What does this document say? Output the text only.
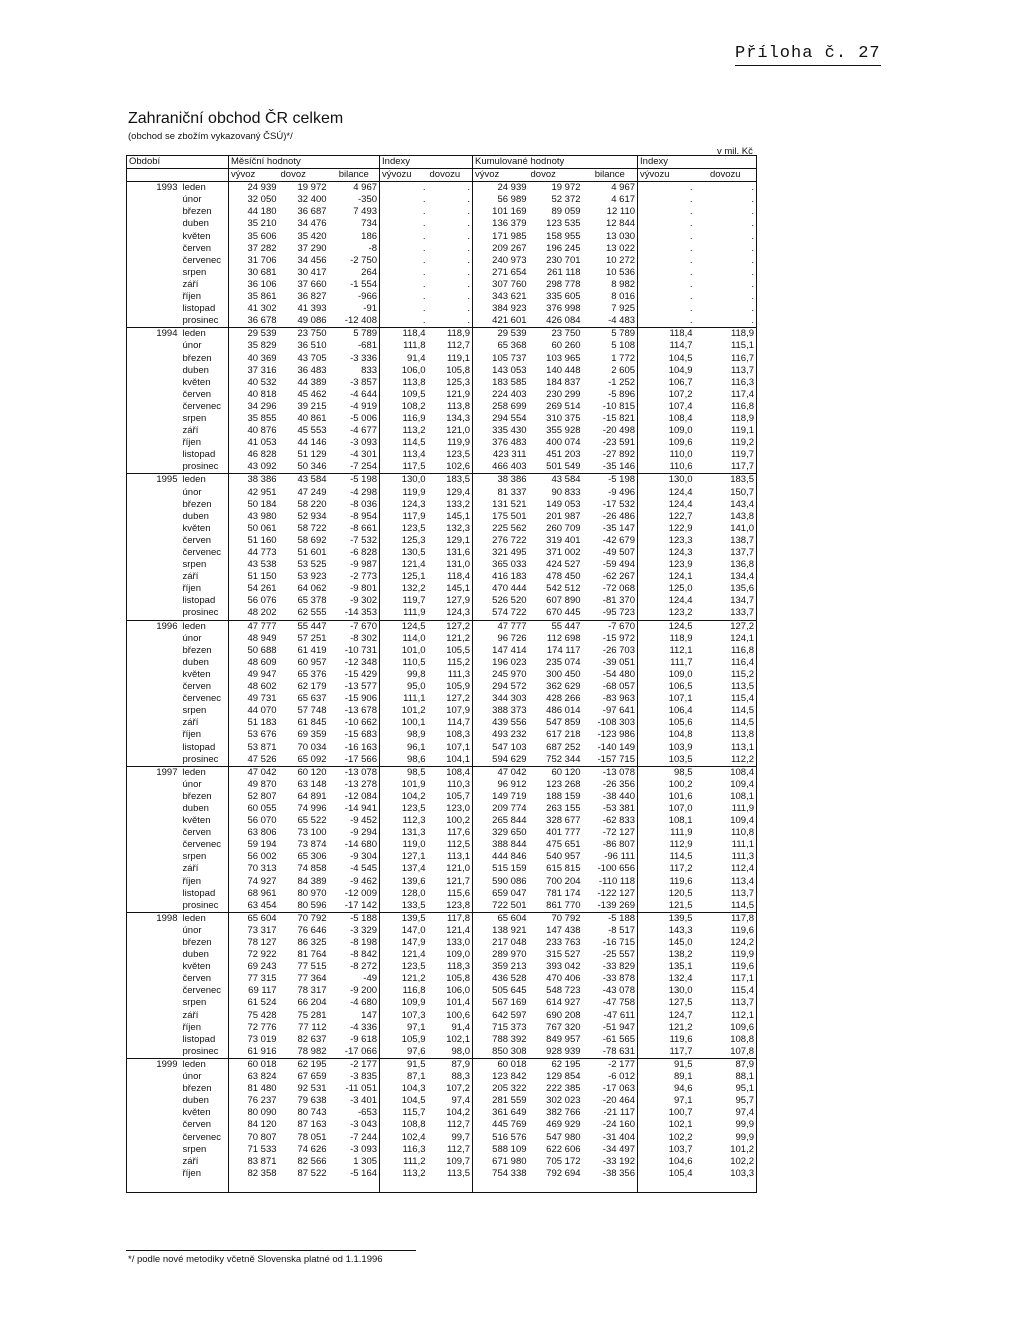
Příloha č. 27
Zahraniční obchod ČR celkem
(obchod se zbožím vykazovaný ČSÚ)*/
v mil. Kč
Období		Měsíční hodnoty			Indexy		Kumulované hodnoty			Indexy	
		vývoz	dovoz	bilance	vývozu	dovozu	vývoz	dovoz	bilance	vývozu	dovozu
1993	leden	24 939	19 972	4 967	.	.	24 939	19 972	4 967	.	.
	únor	32 050	32 400	-350	.	.	56 989	52 372	4 617	.	.
	březen	44 180	36 687	7 493	.	.	101 169	89 059	12 110	.	.
	duben	35 210	34 476	734	.	.	136 379	123 535	12 844	.	.
	květen	35 606	35 420	186	.	.	171 985	158 955	13 030	.	.
	červen	37 282	37 290	-8	.	.	209 267	196 245	13 022	.	.
	červenec	31 706	34 456	-2 750	.	.	240 973	230 701	10 272	.	.
	srpen	30 681	30 417	264	.	.	271 654	261 118	10 536	.	.
	září	36 106	37 660	-1 554	.	.	307 760	298 778	8 982	.	.
	říjen	35 861	36 827	-966	.	.	343 621	335 605	8 016	.	.
	listopad	41 302	41 393	-91	.	.	384 923	376 998	7 925	.	.
	prosinec	36 678	49 086	-12 408	.	.	421 601	426 084	-4 483	.	.
1994	leden	29 539	23 750	5 789	118,4	118,9	29 539	23 750	5 789	118,4	118,9
	únor	35 829	36 510	-681	111,8	112,7	65 368	60 260	5 108	114,7	115,1
	březen	40 369	43 705	-3 336	91,4	119,1	105 737	103 965	1 772	104,5	116,7
	duben	37 316	36 483	833	106,0	105,8	143 053	140 448	2 605	104,9	113,7
	květen	40 532	44 389	-3 857	113,8	125,3	183 585	184 837	-1 252	106,7	116,3
	červen	40 818	45 462	-4 644	109,5	121,9	224 403	230 299	-5 896	107,2	117,4
	červenec	34 296	39 215	-4 919	108,2	113,8	258 699	269 514	-10 815	107,4	116,8
	srpen	35 855	40 861	-5 006	116,9	134,3	294 554	310 375	-15 821	108,4	118,9
	září	40 876	45 553	-4 677	113,2	121,0	335 430	355 928	-20 498	109,0	119,1
	říjen	41 053	44 146	-3 093	114,5	119,9	376 483	400 074	-23 591	109,6	119,2
	listopad	46 828	51 129	-4 301	113,4	123,5	423 311	451 203	-27 892	110,0	119,7
	prosinec	43 092	50 346	-7 254	117,5	102,6	466 403	501 549	-35 146	110,6	117,7
1995	leden	38 386	43 584	-5 198	130,0	183,5	38 386	43 584	-5 198	130,0	183,5
	únor	42 951	47 249	-4 298	119,9	129,4	81 337	90 833	-9 496	124,4	150,7
	březen	50 184	58 220	-8 036	124,3	133,2	131 521	149 053	-17 532	124,4	143,4
	duben	43 980	52 934	-8 954	117,9	145,1	175 501	201 987	-26 486	122,7	143,8
	květen	50 061	58 722	-8 661	123,5	132,3	225 562	260 709	-35 147	122,9	141,0
	červen	51 160	58 692	-7 532	125,3	129,1	276 722	319 401	-42 679	123,3	138,7
	červenec	44 773	51 601	-6 828	130,5	131,6	321 495	371 002	-49 507	124,3	137,7
	srpen	43 538	53 525	-9 987	121,4	131,0	365 033	424 527	-59 494	123,9	136,8
	září	51 150	53 923	-2 773	125,1	118,4	416 183	478 450	-62 267	124,1	134,4
	říjen	54 261	64 062	-9 801	132,2	145,1	470 444	542 512	-72 068	125,0	135,6
	listopad	56 076	65 378	-9 302	119,7	127,9	526 520	607 890	-81 370	124,4	134,7
	prosinec	48 202	62 555	-14 353	111,9	124,3	574 722	670 445	-95 723	123,2	133,7
1996	leden	47 777	55 447	-7 670	124,5	127,2	47 777	55 447	-7 670	124,5	127,2
	únor	48 949	57 251	-8 302	114,0	121,2	96 726	112 698	-15 972	118,9	124,1
	březen	50 688	61 419	-10 731	101,0	105,5	147 414	174 117	-26 703	112,1	116,8
	duben	48 609	60 957	-12 348	110,5	115,2	196 023	235 074	-39 051	111,7	116,4
	květen	49 947	65 376	-15 429	99,8	111,3	245 970	300 450	-54 480	109,0	115,2
	červen	48 602	62 179	-13 577	95,0	105,9	294 572	362 629	-68 057	106,5	113,5
	červenec	49 731	65 637	-15 906	111,1	127,2	344 303	428 266	-83 963	107,1	115,4
	srpen	44 070	57 748	-13 678	101,2	107,9	388 373	486 014	-97 641	106,4	114,5
	září	51 183	61 845	-10 662	100,1	114,7	439 556	547 859	-108 303	105,6	114,5
	říjen	53 676	69 359	-15 683	98,9	108,3	493 232	617 218	-123 986	104,8	113,8
	listopad	53 871	70 034	-16 163	96,1	107,1	547 103	687 252	-140 149	103,9	113,1
	prosinec	47 526	65 092	-17 566	98,6	104,1	594 629	752 344	-157 715	103,5	112,2
1997	leden	47 042	60 120	-13 078	98,5	108,4	47 042	60 120	-13 078	98,5	108,4
	únor	49 870	63 148	-13 278	101,9	110,3	96 912	123 268	-26 356	100,2	109,4
	březen	52 807	64 891	-12 084	104,2	105,7	149 719	188 159	-38 440	101,6	108,1
	duben	60 055	74 996	-14 941	123,5	123,0	209 774	263 155	-53 381	107,0	111,9
	květen	56 070	65 522	-9 452	112,3	100,2	265 844	328 677	-62 833	108,1	109,4
	červen	63 806	73 100	-9 294	131,3	117,6	329 650	401 777	-72 127	111,9	110,8
	červenec	59 194	73 874	-14 680	119,0	112,5	388 844	475 651	-86 807	112,9	111,1
	srpen	56 002	65 306	-9 304	127,1	113,1	444 846	540 957	-96 111	114,5	111,3
	září	70 313	74 858	-4 545	137,4	121,0	515 159	615 815	-100 656	117,2	112,4
	říjen	74 927	84 389	-9 462	139,6	121,7	590 086	700 204	-110 118	119,6	113,4
	listopad	68 961	80 970	-12 009	128,0	115,6	659 047	781 174	-122 127	120,5	113,7
	prosinec	63 454	80 596	-17 142	133,5	123,8	722 501	861 770	-139 269	121,5	114,5
1998	leden	65 604	70 792	-5 188	139,5	117,8	65 604	70 792	-5 188	139,5	117,8
	únor	73 317	76 646	-3 329	147,0	121,4	138 921	147 438	-8 517	143,3	119,6
	březen	78 127	86 325	-8 198	147,9	133,0	217 048	233 763	-16 715	145,0	124,2
	duben	72 922	81 764	-8 842	121,4	109,0	289 970	315 527	-25 557	138,2	119,9
	květen	69 243	77 515	-8 272	123,5	118,3	359 213	393 042	-33 829	135,1	119,6
	červen	77 315	77 364	-49	121,2	105,8	436 528	470 406	-33 878	132,4	117,1
	červenec	69 117	78 317	-9 200	116,8	106,0	505 645	548 723	-43 078	130,0	115,4
	srpen	61 524	66 204	-4 680	109,9	101,4	567 169	614 927	-47 758	127,5	113,7
	září	75 428	75 281	147	107,3	100,6	642 597	690 208	-47 611	124,7	112,1
	říjen	72 776	77 112	-4 336	97,1	91,4	715 373	767 320	-51 947	121,2	109,6
	listopad	73 019	82 637	-9 618	105,9	102,1	788 392	849 957	-61 565	119,6	108,8
	prosinec	61 916	78 982	-17 066	97,6	98,0	850 308	928 939	-78 631	117,7	107,8
1999	leden	60 018	62 195	-2 177	91,5	87,9	60 018	62 195	-2 177	91,5	87,9
	únor	63 824	67 659	-3 835	87,1	88,3	123 842	129 854	-6 012	89,1	88,1
	březen	81 480	92 531	-11 051	104,3	107,2	205 322	222 385	-17 063	94,6	95,1
	duben	76 237	79 638	-3 401	104,5	97,4	281 559	302 023	-20 464	97,1	95,7
	květen	80 090	80 743	-653	115,7	104,2	361 649	382 766	-21 117	100,7	97,4
	červen	84 120	87 163	-3 043	108,8	112,7	445 769	469 929	-24 160	102,1	99,9
	červenec	70 807	78 051	-7 244	102,4	99,7	516 576	547 980	-31 404	102,2	99,9
	srpen	71 533	74 626	-3 093	116,3	112,7	588 109	622 606	-34 497	103,7	101,2
	září	83 871	82 566	1 305	111,2	109,7	671 980	705 172	-33 192	104,6	102,2
	říjen	82 358	87 522	-5 164	113,2	113,5	754 338	792 694	-38 356	105,4	103,3

*/ podle nové metodiky včetně Slovenska platné od 1.1.1996
